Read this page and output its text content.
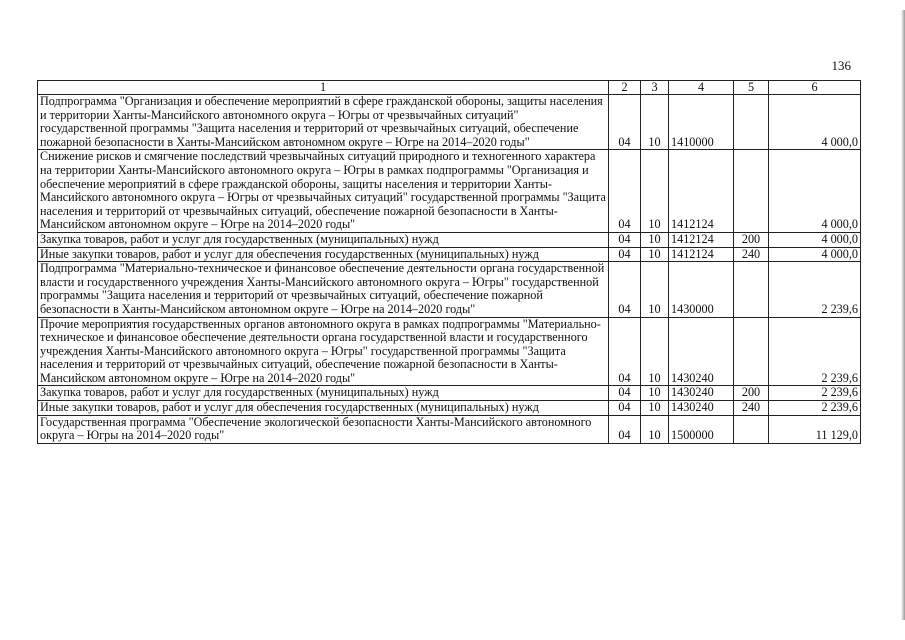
136
1	2	3	4	5	6
Подпрограмма "Организация и обеспечение мероприятий в сфере гражданской обороны, защиты населения и территории Ханты-Мансийского автономного округа – Югры от чрезвычайных ситуаций" государственной программы "Защита населения и территорий от чрезвычайных ситуаций, обеспечение пожарной безопасности в Ханты-Мансийском автономном округе – Югре на 2014–2020 годы"	04	10	1410000		4 000,0
Снижение рисков и смягчение последствий чрезвычайных ситуаций природного и техногенного характера на территории Ханты-Мансийского автономного округа – Югры в рамках подпрограммы "Организация и обеспечение мероприятий в сфере гражданской обороны, защиты населения и территории Ханты-Мансийского автономного округа – Югры от чрезвычайных ситуаций" государственной программы "Защита населения и территорий от чрезвычайных ситуаций, обеспечение пожарной безопасности в Ханты-Мансийском автономном округе – Югре на 2014–2020 годы"	04	10	1412124		4 000,0
Закупка товаров, работ и услуг для государственных (муниципальных) нужд	04	10	1412124	200	4 000,0
Иные закупки товаров, работ и услуг для обеспечения государственных (муниципальных) нужд	04	10	1412124	240	4 000,0
Подпрограмма "Материально-техническое и финансовое обеспечение деятельности органа государственной власти и государственного учреждения Ханты-Мансийского автономного округа – Югры" государственной программы "Защита населения и территорий от чрезвычайных ситуаций, обеспечение пожарной безопасности в Ханты-Мансийском автономном округе – Югре на 2014–2020 годы"	04	10	1430000		2 239,6
Прочие мероприятия государственных органов автономного округа в рамках подпрограммы "Материально-техническое и финансовое обеспечение деятельности органа государственной власти и государственного учреждения Ханты-Мансийского автономного округа – Югры" государственной программы "Защита населения и территорий от чрезвычайных ситуаций, обеспечение пожарной безопасности в Ханты-Мансийском автономном округе – Югре на 2014–2020 годы"	04	10	1430240		2 239,6
Закупка товаров, работ и услуг для государственных (муниципальных) нужд	04	10	1430240	200	2 239,6
Иные закупки товаров, работ и услуг для обеспечения государственных (муниципальных) нужд	04	10	1430240	240	2 239,6
Государственная программа "Обеспечение экологической безопасности Ханты-Мансийского автономного округа – Югры на 2014–2020 годы"	04	10	1500000		11 129,0
